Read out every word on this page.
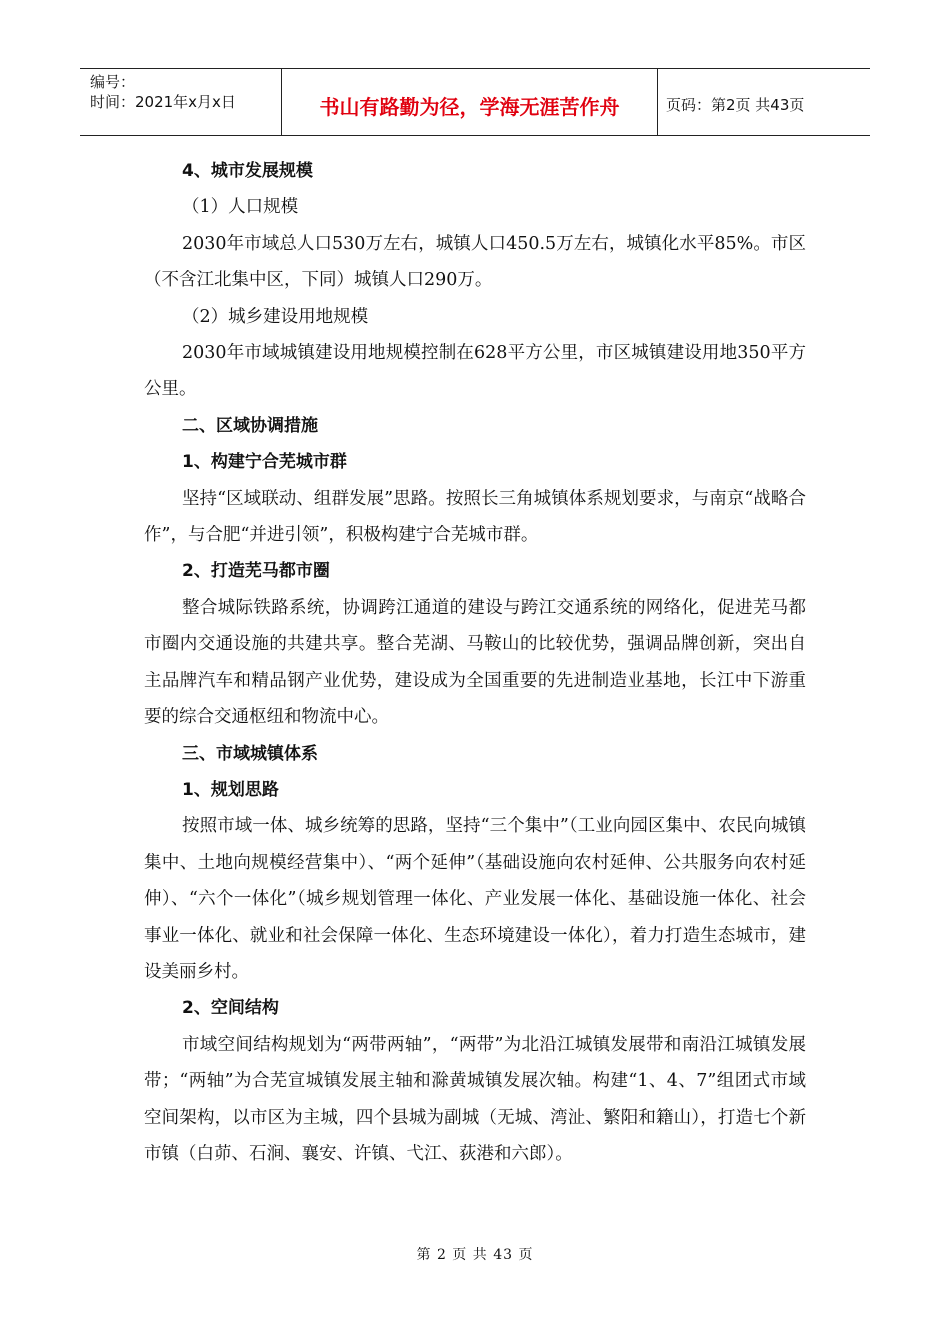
编号：
时间：2021年x月x日	书山有路勤为径，学海无涯苦作舟	页码：第2页 共43页
4、城市发展规模
（1）人口规模
2030年市域总人口530万左右，城镇人口450.5万左右，城镇化水平85%。市区（不含江北集中区，下同）城镇人口290万。
（2）城乡建设用地规模
2030年市域城镇建设用地规模控制在628平方公里，市区城镇建设用地350平方公里。
二、区域协调措施
1、构建宁合芜城市群
坚持“区域联动、组群发展”思路。按照长三角城镇体系规划要求，与南京“战略合作”，与合肥“并进引领”，积极构建宁合芜城市群。
2、打造芜马都市圈
整合城际铁路系统，协调跨江通道的建设与跨江交通系统的网络化，促进芜马都市圈内交通设施的共建共享。整合芜湖、马鞍山的比较优势，强调品牌创新，突出自主品牌汽车和精品钢产业优势，建设成为全国重要的先进制造业基地，长江中下游重要的综合交通枢纽和物流中心。
三、市域城镇体系
1、规划思路
按照市域一体、城乡统筹的思路，坚持“三个集中”（工业向园区集中、农民向城镇集中、土地向规模经营集中）、“两个延伸”（基础设施向农村延伸、公共服务向农村延伸）、“六个一体化”（城乡规划管理一体化、产业发展一体化、基础设施一体化、社会事业一体化、就业和社会保障一体化、生态环境建设一体化），着力打造生态城市，建设美丽乡村。
2、空间结构
市域空间结构规划为“两带两轴”，“两带”为北沿江城镇发展带和南沿江城镇发展带；“两轴”为合芜宣城镇发展主轴和滁黄城镇发展次轴。构建“1、4、7”组团式市域空间架构，以市区为主城，四个县城为副城（无城、湾沚、繁阳和籍山），打造七个新市镇（白茆、石涧、襄安、许镇、弋江、荻港和六郎）。
第 2 页 共 43 页
